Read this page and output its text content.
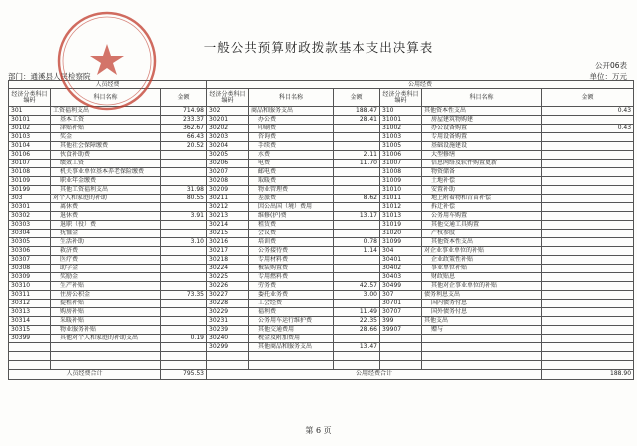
一般公共预算财政拨款基本支出决算表
公开06表
部门：通溪县人民检察院	单位：万元
人员经费			公用经费					
经济分类科目编码	科目名称	金额	经济分类科目编码	科目名称	金额	经济分类科目编码	科目名称	金额
301	工资福利支出	714.98	302	商品和服务支出	188.47	310	其他资本性支出	0.43
30101	基本工资	233.37	30201	办公费	28.41	31001	房屋建筑物购建	
30102	津贴补贴	362.67	30202	印刷费		31002	办公设备购置	0.43
30103	奖金	66.43	30203	咨询费		31003	专用设备购置	
30104	其他社会保障缴费	20.52	30204	手续费		31005	基础设施建设	
30106	伙食补助费		30205	水费	2.11	31006	大型修缮	
30107	绩效工资		30206	电费	11.70	31007	信息网络及软件购置更新	
30108	机关事业单位基本养老保险缴费		30207	邮电费		31008	物资储备	
30109	职业年金缴费		30208	取暖费		31009	土地补偿	
30199	其他工资福利支出	31.98	30209	物业管理费		31010	安置补助	
303	对个人和家庭的补助	80.55	30211	差旅费	8.62	31011	地上附着物和青苗补偿	
30301	离休费		30212	因公出国（境）费用		31012	拆迁补偿	
30302	退休费	3.91	30213	维修(护)费	13.17	31013	公务用车购置	
30303	退职（役）费		30214	租赁费		31019	其他交通工具购置	
30304	抚恤金		30215	会议费		31020	产权参股	
30305	生活补助	3.10	30216	培训费	0.78	31099	其他资本性支出	
30306	救济费		30217	公务接待费	1.14	304	对企业事业单位的补贴	
30307	医疗费		30218	专用材料费		30401	企业政策性补贴	
30308	助学金		30224	被装购置费		30402	事业单位补贴	
30309	奖励金		30225	专用燃料费		30403	财政贴息	
30310	生产补贴		30226	劳务费	42.57	30499	其他对企事业单位的补贴	
30311	住房公积金	73.35	30227	委托业务费	3.00	307	债务利息支出	
30312	提租补贴		30228	工会经费		30701	国内债务付息	
30313	购房补贴		30229	福利费	11.49	30707	国外债务付息	
30314	采暖补贴		30231	公务用车运行维护费	22.35	399	其他支出	
30315	物业服务补贴		30239	其他交通费用	28.66	39907	赠与	
30399	其他对个人和家庭的补助支出	0.19	30240	税金及附加费用				
			30299	其他商品和服务支出	13.47			

人员经费合计		795.53	公用经费合计					188.90
第 6 页
